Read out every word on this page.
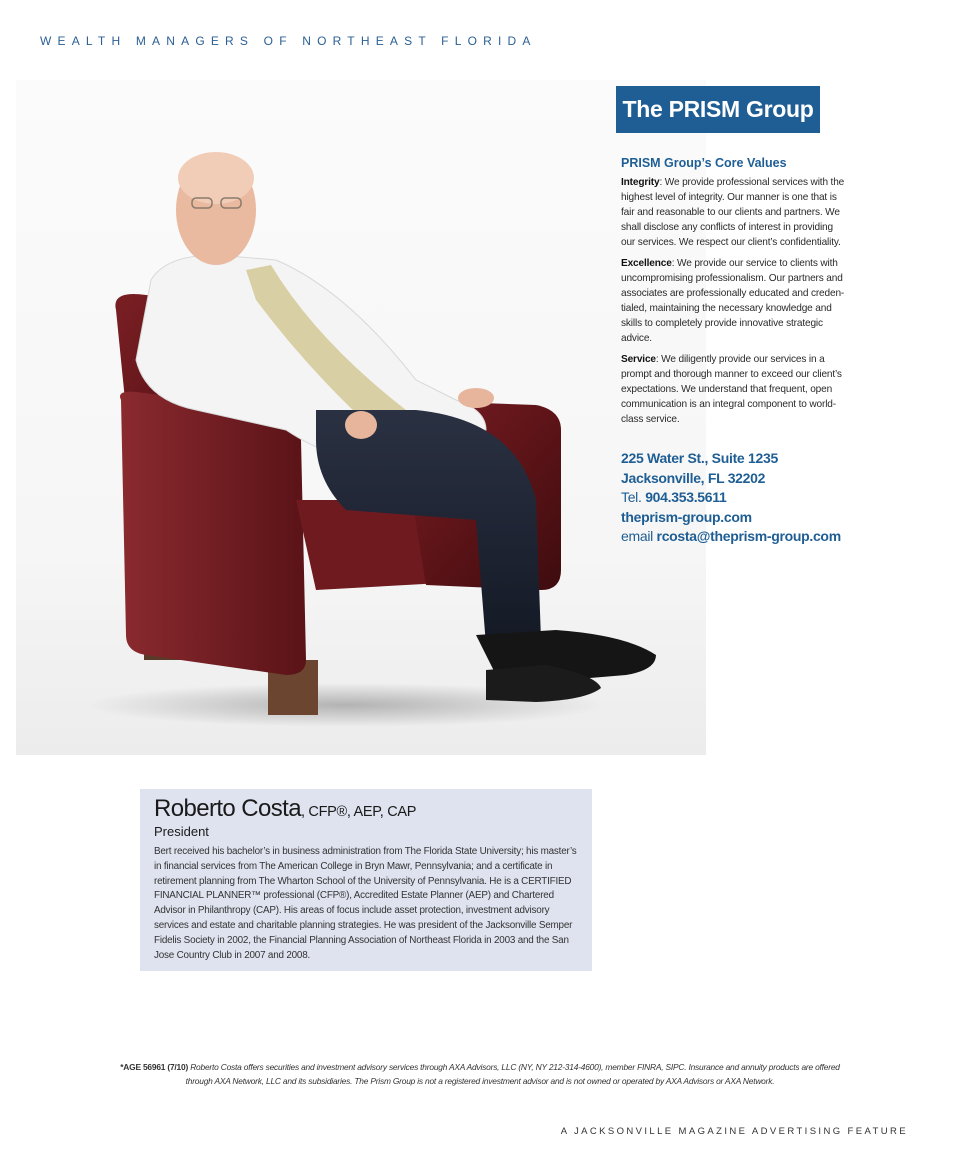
WEALTH MANAGERS OF NORTHEAST FLORIDA
The PRISM Group
PRISM Group’s Core Values

Integrity: We provide professional services with the highest level of integrity. Our manner is one that is fair and reasonable to our clients and partners. We shall disclose any conflicts of interest in providing our services. We respect our client’s confidentiality.

Excellence: We provide our service to clients with uncompromising professionalism. Our partners and associates are professionally educated and creden-tialed, maintaining the necessary knowledge and skills to completely provide innovative strategic advice.

Service: We diligently provide our services in a prompt and thorough manner to exceed our client’s expectations. We understand that frequent, open communication is an integral component to world-class service.

225 Water St., Suite 1235
Jacksonville, FL 32202
Tel. 904.353.5611
theprism-group.com
email rcosta@theprism-group.com
Roberto Costa, CFP®, AEP, CAP
President
Bert received his bachelor’s in business administration from The Florida State University; his master’s in financial services from The American College in Bryn Mawr, Pennsylvania; and a certificate in retirement planning from The Wharton School of the University of Pennsylvania. He is a CERTIFIED FINANCIAL PLANNER™ professional (CFP®), Accredited Estate Planner (AEP) and Chartered Advisor in Philanthropy (CAP). His areas of focus include asset protection, investment advisory services and estate and charitable planning strategies. He was president of the Jacksonville Semper Fidelis Society in 2002, the Financial Planning Association of Northeast Florida in 2003 and the San Jose Country Club in 2007 and 2008.
*AGE 56961 (7/10) Roberto Costa offers securities and investment advisory services through AXA Advisors, LLC (NY, NY 212-314-4600), member FINRA, SIPC. Insurance and annuity products are offered through AXA Network, LLC and its subsidiaries. The Prism Group is not a registered investment advisor and is not owned or operated by AXA Advisors or AXA Network.
A JACKSONVILLE MAGAZINE ADVERTISING FEATURE
